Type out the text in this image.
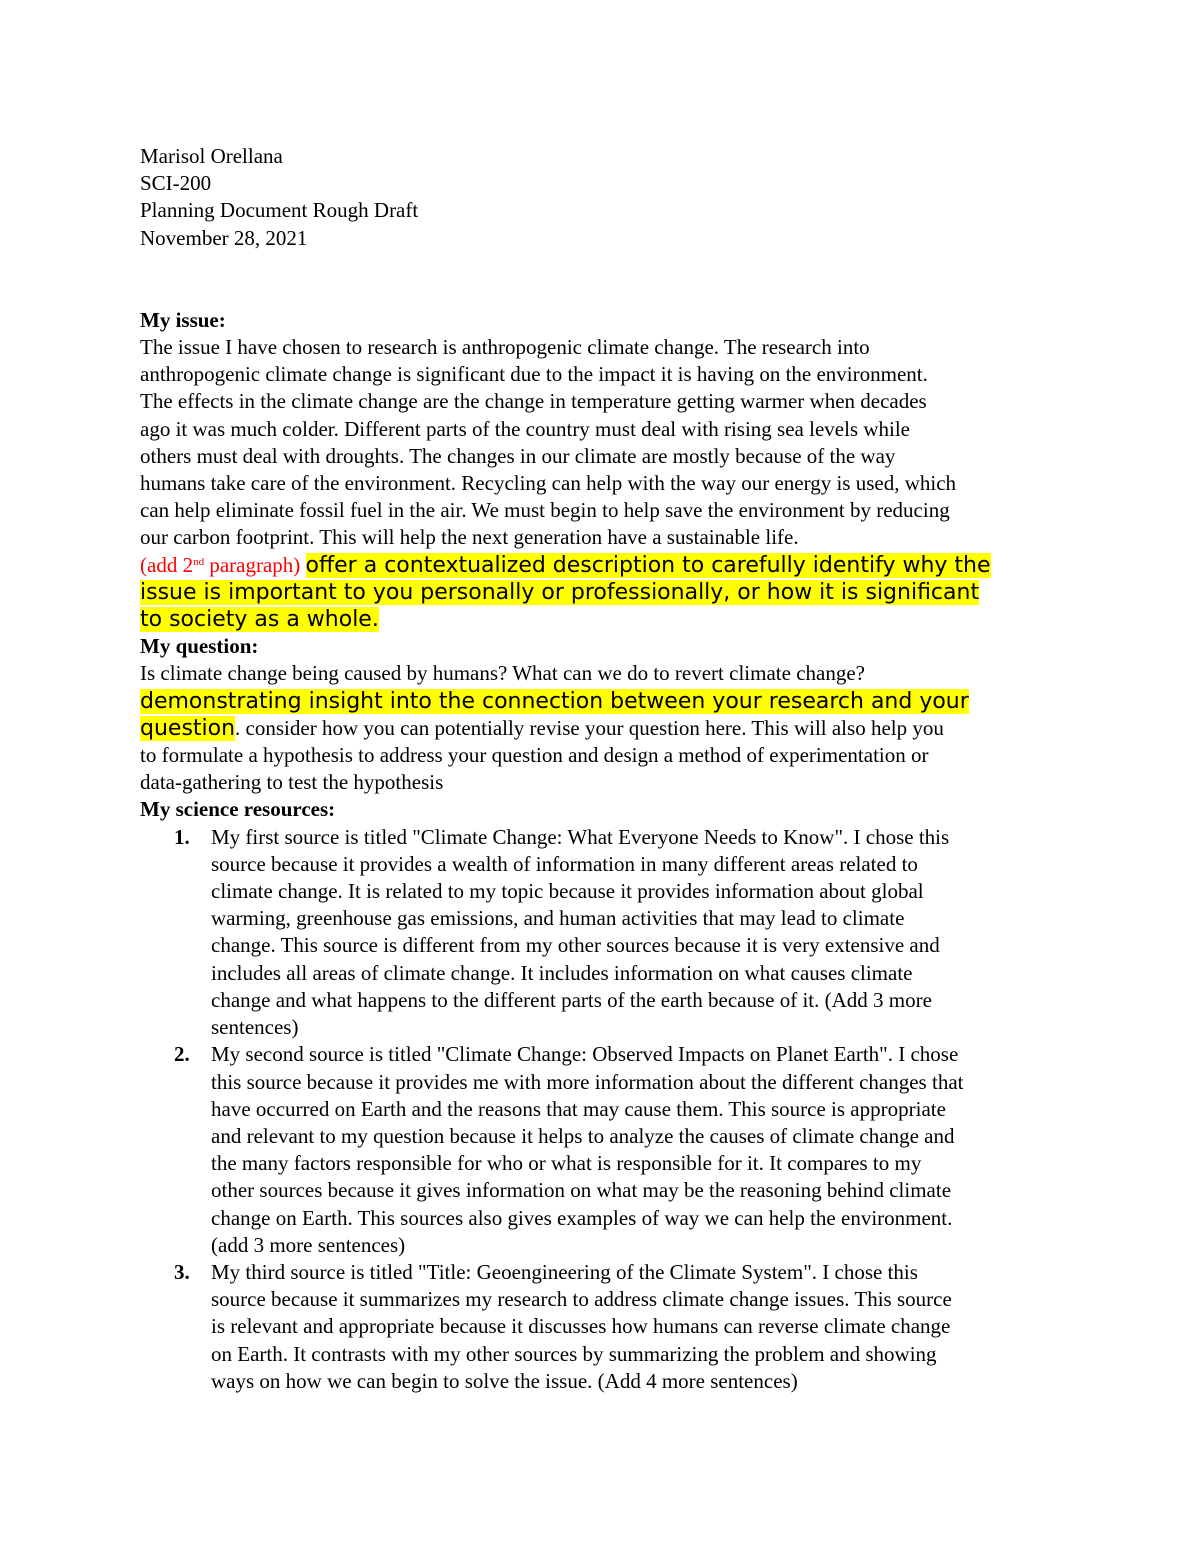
Marisol Orellana
SCI-200
Planning Document Rough Draft
November 28, 2021
My issue:
The issue I have chosen to research is anthropogenic climate change. The research into
anthropogenic climate change is significant due to the impact it is having on the environment.
The effects in the climate change are the change in temperature getting warmer when decades
ago it was much colder. Different parts of the country must deal with rising sea levels while
others must deal with droughts. The changes in our climate are mostly because of the way
humans take care of the environment. Recycling can help with the way our energy is used, which
can help eliminate fossil fuel in the air. We must begin to help save the environment by reducing
our carbon footprint. This will help the next generation have a sustainable life.
(add 2nd paragraph) offer a contextualized description to carefully identify why the
issue is important to you personally or professionally, or how it is significant
to society as a whole.
My question:
Is climate change being caused by humans? What can we do to revert climate change?
demonstrating insight into the connection between your research and your
question. consider how you can potentially revise your question here. This will also help you
to formulate a hypothesis to address your question and design a method of experimentation or
data-gathering to test the hypothesis
My science resources:
1. My first source is titled "Climate Change: What Everyone Needs to Know". I chose this
source because it provides a wealth of information in many different areas related to
climate change. It is related to my topic because it provides information about global
warming, greenhouse gas emissions, and human activities that may lead to climate
change. This source is different from my other sources because it is very extensive and
includes all areas of climate change. It includes information on what causes climate
change and what happens to the different parts of the earth because of it. (Add 3 more
sentences)
2. My second source is titled "Climate Change: Observed Impacts on Planet Earth". I chose
this source because it provides me with more information about the different changes that
have occurred on Earth and the reasons that may cause them. This source is appropriate
and relevant to my question because it helps to analyze the causes of climate change and
the many factors responsible for who or what is responsible for it. It compares to my
other sources because it gives information on what may be the reasoning behind climate
change on Earth. This sources also gives examples of way we can help the environment.
(add 3 more sentences)
3. My third source is titled "Title: Geoengineering of the Climate System". I chose this
source because it summarizes my research to address climate change issues. This source
is relevant and appropriate because it discusses how humans can reverse climate change
on Earth. It contrasts with my other sources by summarizing the problem and showing
ways on how we can begin to solve the issue. (Add 4 more sentences)
